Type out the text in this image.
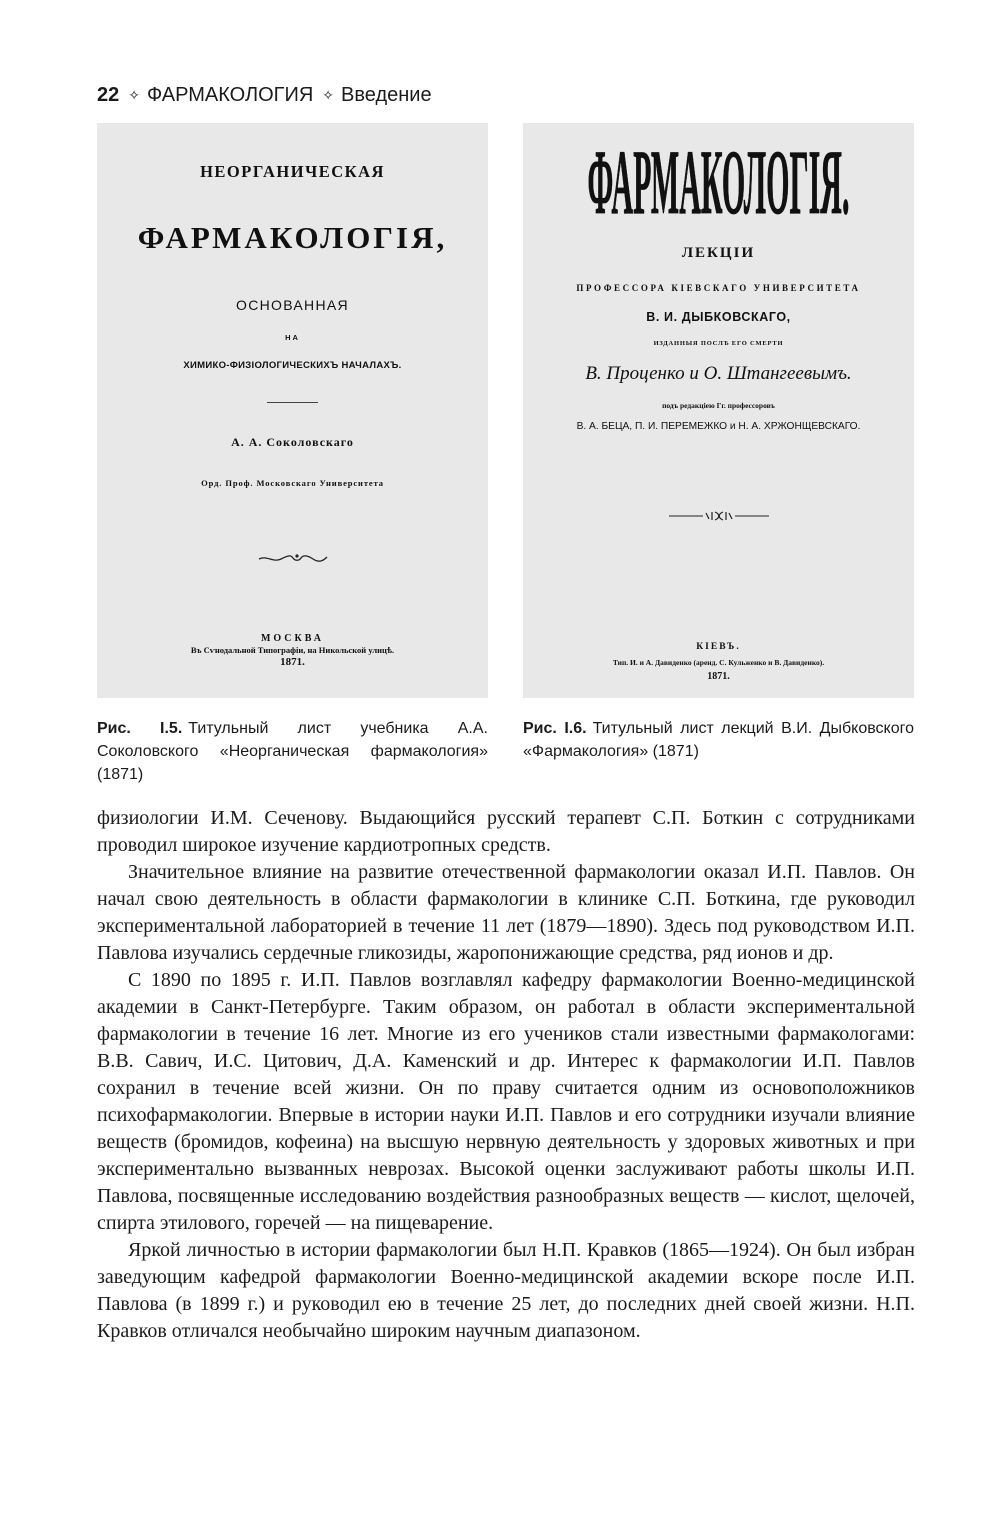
22 ✧ ФАРМАКОЛОГИЯ ✧ Введение
НЕОРГАНИЧЕСКАЯ
ФАРМАКОЛОГІЯ,
ОСНОВАННАЯ
НА
ХИМИКО-ФИЗІОЛОГИЧЕСКИХЪ НАЧАЛАХЪ.
А. А. Соколовскаго
Орд. Проф. Московскаго Университета
МОСКВА
Въ Сѵнодальной Типографіи, на Никольской улицѣ.
1871.
ФАРМАКОЛОГІЯ.
ЛЕКЦІИ
ПРОФЕССОРА КІЕВСКАГО УНИВЕРСИТЕТА
В. И. ДЫБКОВСКАГО,
ИЗДАННЫЯ ПОСЛѢ ЕГО СМЕРТИ
В. Проценко и О. Штангеевымъ.
подъ редакціею Гг. профессоровъ
В. А. БЕЦА, П. И. ПЕРЕМЕЖКО и Н. А. ХРЖОНЩЕВСКАГО.
КІЕВЪ.
Тип. И. и А. Давиденко (аренд. С. Кульженко и В. Давиденко).
1871.
Рис. I.5. Титульный лист учебника А.А. Соколовского «Неорганическая фармакология» (1871)
Рис. I.6. Титульный лист лекций В.И. Дыбковского «Фармакология» (1871)

физиологии И.М. Сеченову. Выдающийся русский терапевт С.П. Боткин с сотрудниками проводил широкое изучение кардиотропных средств.

Значительное влияние на развитие отечественной фармакологии оказал И.П. Павлов. Он начал свою деятельность в области фармакологии в клинике С.П. Боткина, где руководил экспериментальной лабораторией в течение 11 лет (1879—1890). Здесь под руководством И.П. Павлова изучались сердечные гликозиды, жаропонижающие средства, ряд ионов и др.

С 1890 по 1895 г. И.П. Павлов возглавлял кафедру фармакологии Военно-медицинской академии в Санкт-Петербурге. Таким образом, он работал в области экспериментальной фармакологии в течение 16 лет. Многие из его учеников стали известными фармакологами: В.В. Савич, И.С. Цитович, Д.А. Каменский и др. Интерес к фармакологии И.П. Павлов сохранил в течение всей жизни. Он по праву считается одним из основоположников психофармакологии. Впервые в истории науки И.П. Павлов и его сотрудники изучали влияние веществ (бромидов, кофеина) на высшую нервную деятельность у здоровых животных и при экспериментально вызванных неврозах. Высокой оценки заслуживают работы школы И.П. Павлова, посвященные исследованию воздействия разнообразных веществ — кислот, щелочей, спирта этилового, горечей — на пищеварение.

Яркой личностью в истории фармакологии был Н.П. Кравков (1865—1924). Он был избран заведующим кафедрой фармакологии Военно-медицинской академии вскоре после И.П. Павлова (в 1899 г.) и руководил ею в течение 25 лет, до последних дней своей жизни. Н.П. Кравков отличался необычайно широким научным диапазоном.
